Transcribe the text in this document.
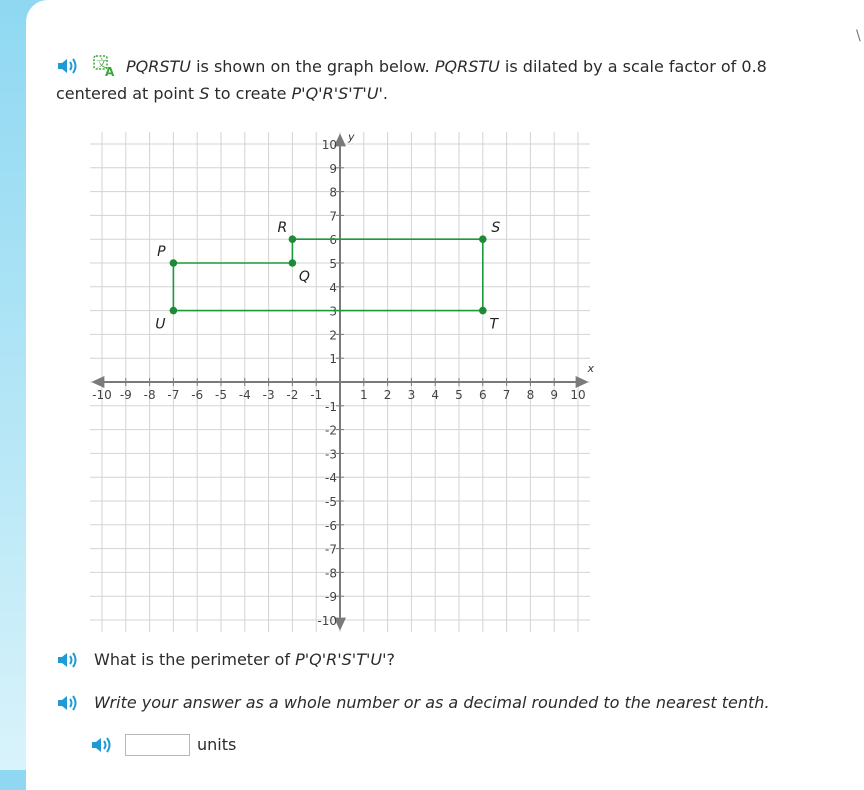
\
文
A PQRSTU is shown on the graph below. PQRSTU is dilated by a scale factor of 0.8
centered at point S to create P'Q'R'S'T'U'.
-10 -9 -8 -7 -6 -5 -4 -3 -2 -1	1 2 3 4 5 6 7 8 9 10
-10
-9
-8
-7
-6
-5
-4
-3
-2
-1
1
2
3
4
5
6
7
8
9
10
x
y
P
Q
R	S
T
U
What is the perimeter of P'Q'R'S'T'U'?
Write your answer as a whole number or as a decimal rounded to the nearest tenth.
units
